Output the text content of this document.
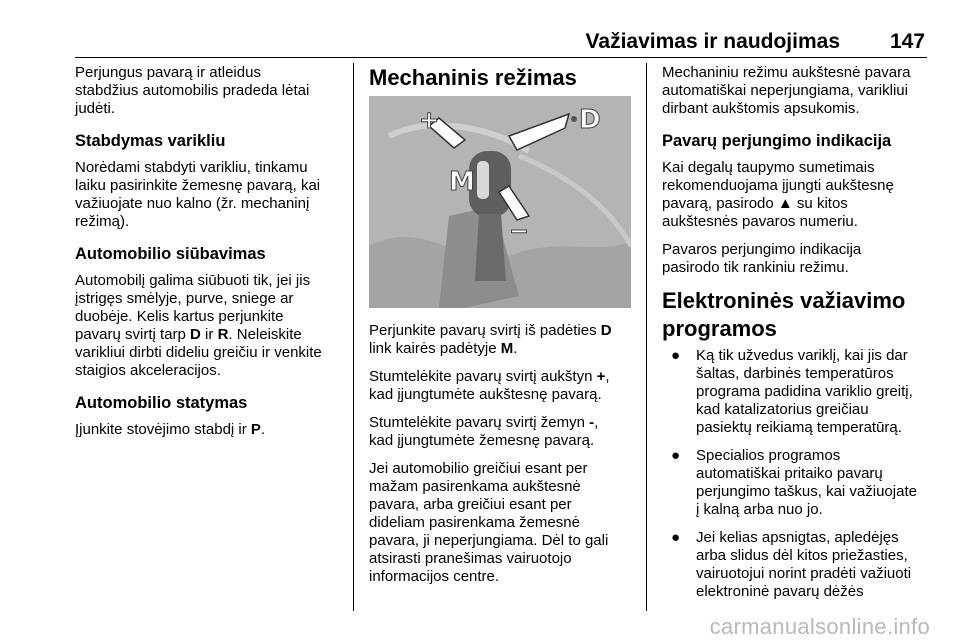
Važiavimas ir naudojimas	147

Perjungus pavarą ir atleidus
stabdžius automobilis pradeda lėtai
judėti.

Stabdymas varikliu

Norėdami stabdyti varikliu, tinkamu
laiku pasirinkite žemesnę pavarą, kai
važiuojate nuo kalno (žr. mechaninį
režimą).

Automobilio siūbavimas

Automobilį galima siūbuoti tik, jei jis
įstrigęs smėlyje, purve, sniege ar
duobėje. Kelis kartus perjunkite
pavarų svirtį tarp D ir R. Neleiskite
varikliui dirbti dideliu greičiu ir venkite
staigios akceleracijos.

Automobilio statymas

Įjunkite stovėjimo stabdį ir P.

Mechaninis režimas
+
−
M
D

Perjunkite pavarų svirtį iš padėties D
link kairės padėtyje M.

Stumtelėkite pavarų svirtį aukštyn +,
kad įjungtumėte aukštesnę pavarą.

Stumtelėkite pavarų svirtį žemyn -,
kad įjungtumėte žemesnę pavarą.

Jei automobilio greičiui esant per
mažam pasirenkama aukštesnė
pavara, arba greičiui esant per
dideliam pasirenkama žemesnė
pavara, ji neperjungiama. Dėl to gali
atsirasti pranešimas vairuotojo
informacijos centre.

Mechaniniu režimu aukštesnė pavara
automatiškai neperjungiama, varikliui
dirbant aukštomis apsukomis.

Pavarų perjungimo indikacija

Kai degalų taupymo sumetimais
rekomenduojama įjungti aukštesnę
pavarą, pasirodo ▲ su kitos
aukštesnės pavaros numeriu.

Pavaros perjungimo indikacija
pasirodo tik rankiniu režimu.

Elektroninės važiavimo
programos
● Ką tik užvedus variklį, kai jis dar
šaltas, darbinės temperatūros
programa padidina variklio greitį,
kad katalizatorius greičiau
pasiektų reikiamą temperatūrą.
● Specialios programos
automatiškai pritaiko pavarų
perjungimo taškus, kai važiuojate
į kalną arba nuo jo.
● Jei kelias apsnigtas, apledėjęs
arba slidus dėl kitos priežasties,
vairuotojui norint pradėti važiuoti
elektroninė pavarų dėžės
carmanualsonline.info
